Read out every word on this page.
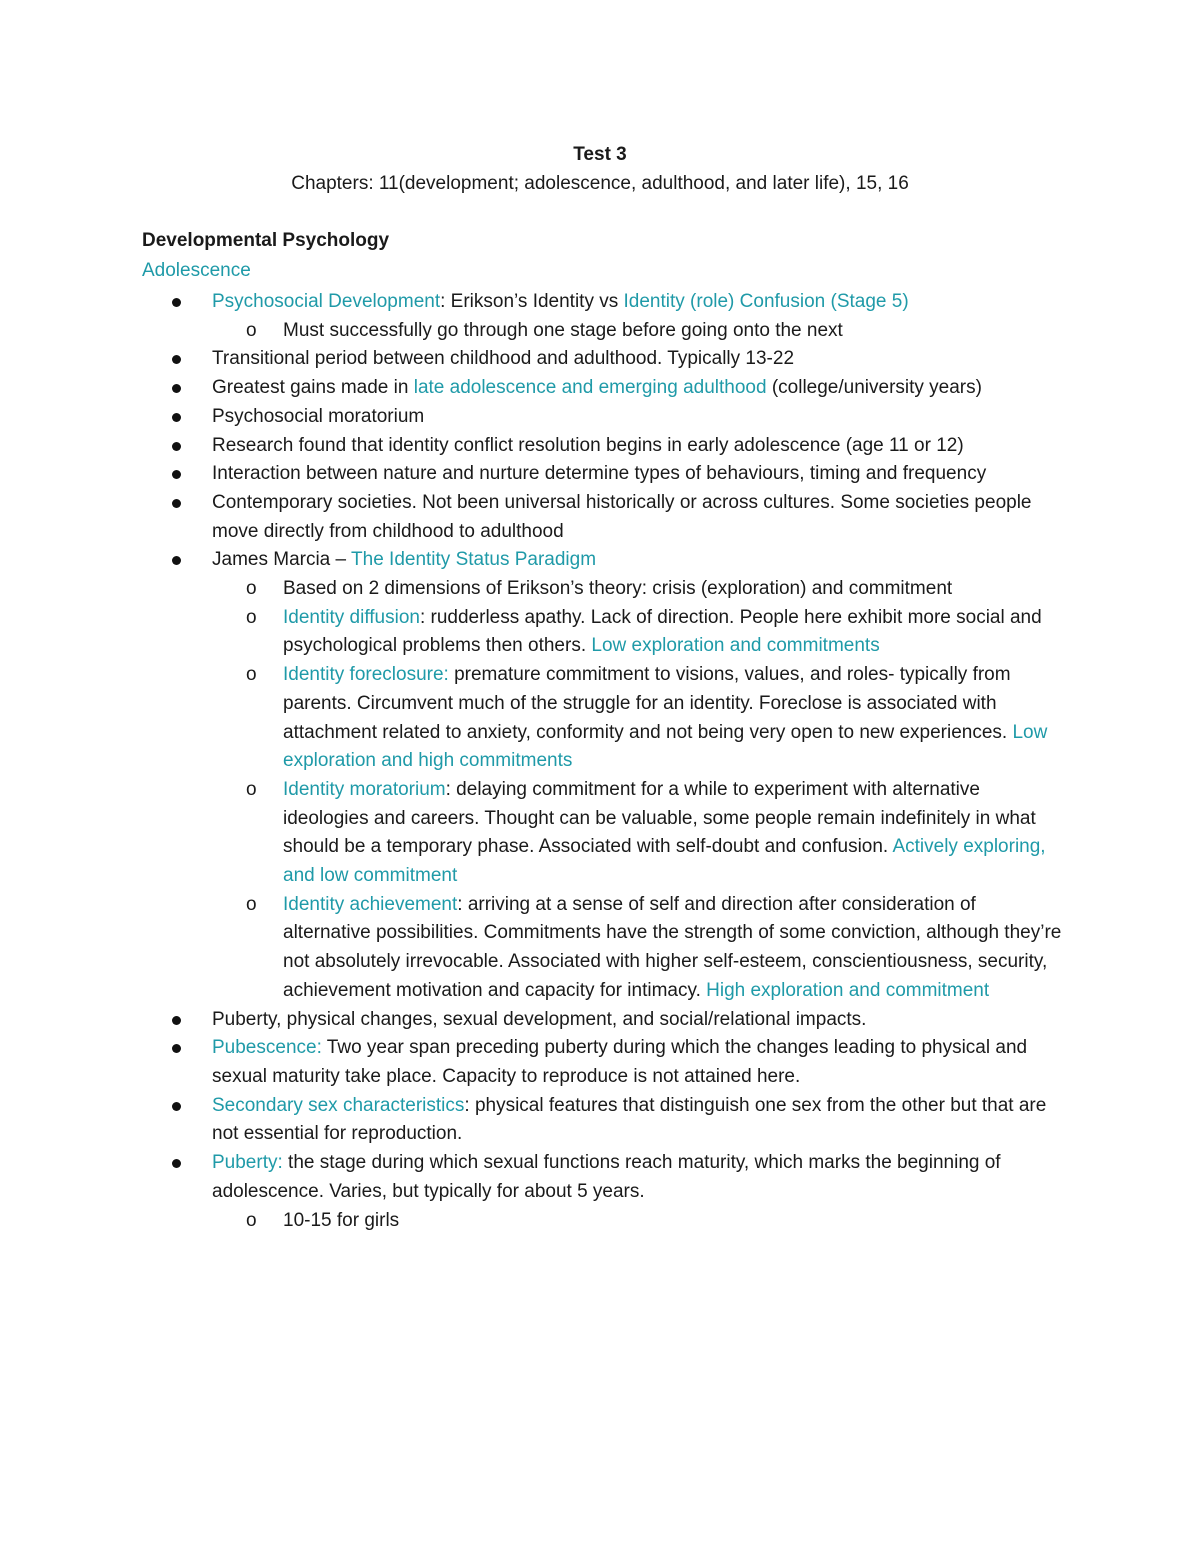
Test 3
Chapters: 11(development; adolescence, adulthood, and later life), 15, 16
Developmental Psychology
Adolescence
Psychosocial Development: Erikson’s Identity vs Identity (role) Confusion (Stage 5)
o Must successfully go through one stage before going onto the next
Transitional period between childhood and adulthood. Typically 13-22
Greatest gains made in late adolescence and emerging adulthood (college/university years)
Psychosocial moratorium
Research found that identity conflict resolution begins in early adolescence (age 11 or 12)
Interaction between nature and nurture determine types of behaviours, timing and frequency
Contemporary societies. Not been universal historically or across cultures. Some societies people move directly from childhood to adulthood
James Marcia – The Identity Status Paradigm
o Based on 2 dimensions of Erikson’s theory: crisis (exploration) and commitment
o Identity diffusion: rudderless apathy. Lack of direction. People here exhibit more social and psychological problems then others. Low exploration and commitments
o Identity foreclosure: premature commitment to visions, values, and roles- typically from parents. Circumvent much of the struggle for an identity. Foreclose is associated with attachment related to anxiety, conformity and not being very open to new experiences. Low exploration and high commitments
o Identity moratorium: delaying commitment for a while to experiment with alternative ideologies and careers. Thought can be valuable, some people remain indefinitely in what should be a temporary phase. Associated with self-doubt and confusion. Actively exploring, and low commitment
o Identity achievement: arriving at a sense of self and direction after consideration of alternative possibilities. Commitments have the strength of some conviction, although they’re not absolutely irrevocable. Associated with higher self-esteem, conscientiousness, security, achievement motivation and capacity for intimacy. High exploration and commitment
Puberty, physical changes, sexual development, and social/relational impacts.
Pubescence: Two year span preceding puberty during which the changes leading to physical and sexual maturity take place. Capacity to reproduce is not attained here.
Secondary sex characteristics: physical features that distinguish one sex from the other but that are not essential for reproduction.
Puberty: the stage during which sexual functions reach maturity, which marks the beginning of adolescence. Varies, but typically for about 5 years.
o 10-15 for girls
